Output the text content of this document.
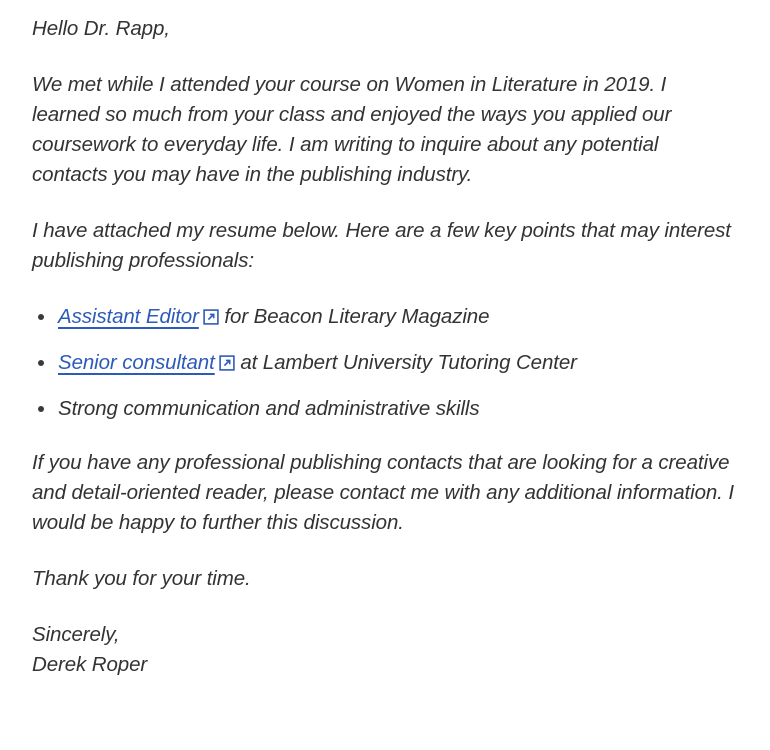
Hello Dr. Rapp,

We met while I attended your course on Women in Literature in 2019. I learned so much from your class and enjoyed the ways you applied our coursework to everyday life. I am writing to inquire about any potential contacts you may have in the publishing industry.

I have attached my resume below. Here are a few key points that may interest publishing professionals:

Assistant Editor
for Beacon Literary Magazine
Senior consultant
at Lambert University Tutoring Center
Strong communication and administrative skills

If you have any professional publishing contacts that are looking for a creative and detail-oriented reader, please contact me with any additional information. I would be happy to further this discussion.

Thank you for your time.

Sincerely,

Derek Roper
